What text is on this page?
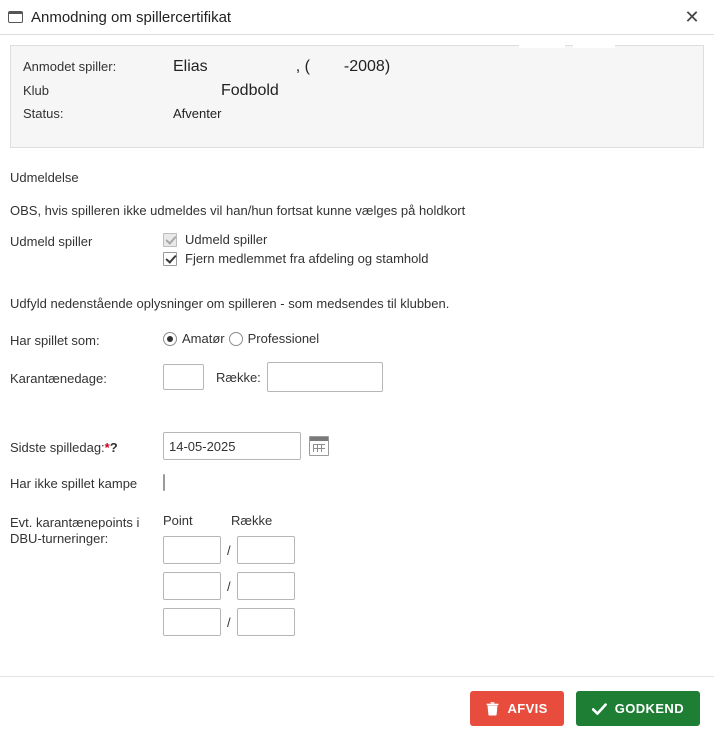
Anmodning om spillercertifikat	✕
Anmodet spiller:	Elias	, ( -2008)
Klub	Fodbold
Status:	Afventer
Udmeldelse
OBS, hvis spilleren ikke udmeldes vil han/hun fortsat kunne vælges på holdkort
Udmeld spiller	Udmeld spiller
Fjern medlemmet fra afdeling og stamhold
Udfyld nedenstående oplysninger om spilleren - som medsendes til klubben.
Har spillet som:	Amatør Professionel
Karantænedage:	Række:
Sidste spilledag:*?
14-05-2025
Har ikke spillet kampe
Evt. karantænepoints i
DBU-turneringer:
Point	Række
/
/
/
AFVIS	GODKEND
